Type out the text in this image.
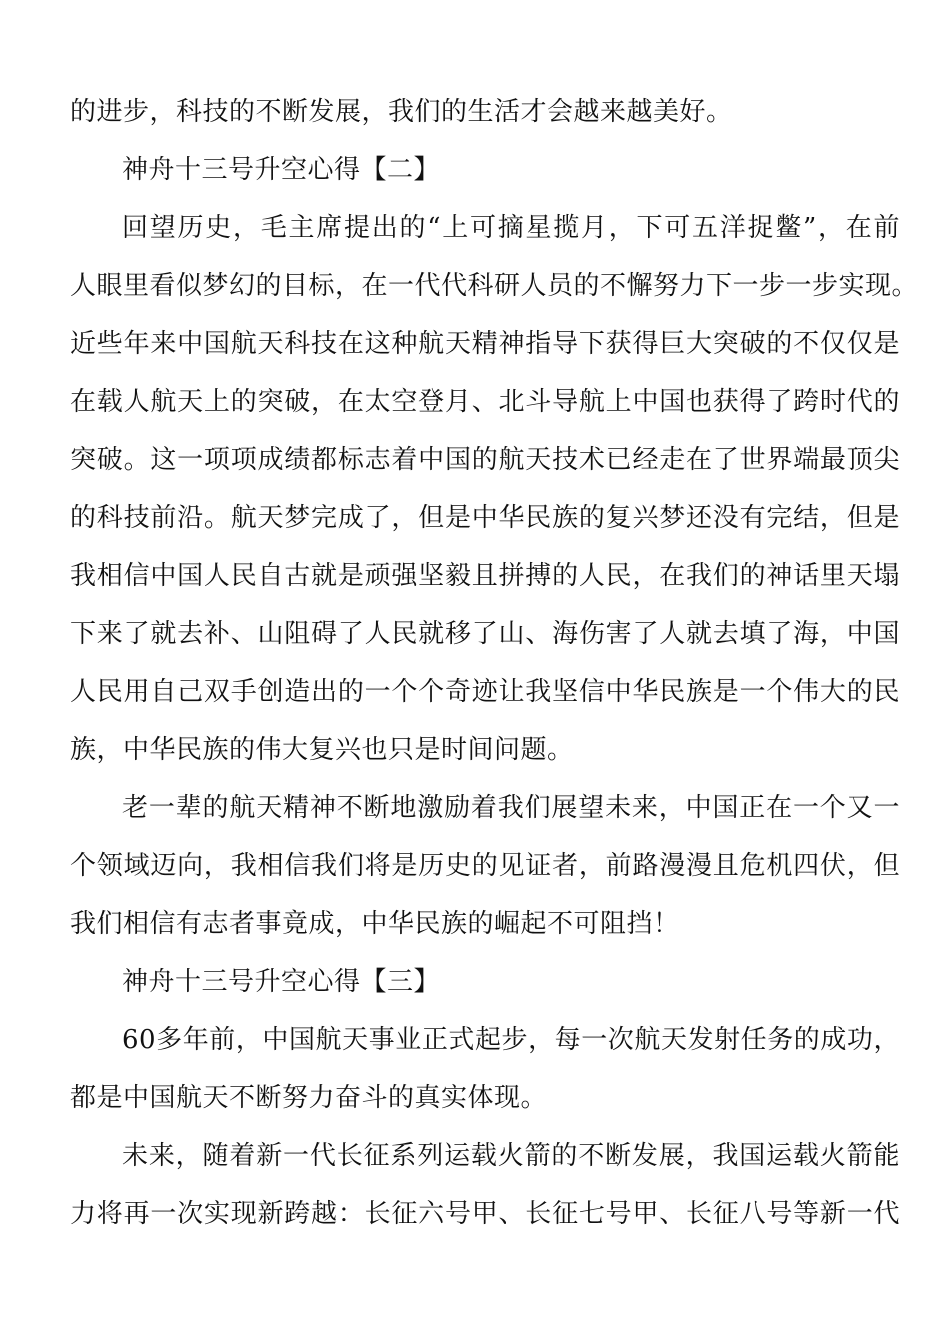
的进步，科技的不断发展，我们的生活才会越来越美好。
神舟十三号升空心得【二】
回望历史，毛主席提出的“上可摘星揽月，下可五洋捉鳖”，在前
人眼里看似梦幻的目标，在一代代科研人员的不懈努力下一步一步实现。
近些年来中国航天科技在这种航天精神指导下获得巨大突破的不仅仅是
在载人航天上的突破，在太空登月、北斗导航上中国也获得了跨时代的
突破。这一项项成绩都标志着中国的航天技术已经走在了世界端最顶尖
的科技前沿。航天梦完成了，但是中华民族的复兴梦还没有完结，但是
我相信中国人民自古就是顽强坚毅且拼搏的人民，在我们的神话里天塌
下来了就去补、山阻碍了人民就移了山、海伤害了人就去填了海，中国
人民用自己双手创造出的一个个奇迹让我坚信中华民族是一个伟大的民
族，中华民族的伟大复兴也只是时间问题。
老一辈的航天精神不断地激励着我们展望未来，中国正在一个又一
个领域迈向，我相信我们将是历史的见证者，前路漫漫且危机四伏，但
我们相信有志者事竟成，中华民族的崛起不可阻挡！
神舟十三号升空心得【三】
60多年前，中国航天事业正式起步，每一次航天发射任务的成功，
都是中国航天不断努力奋斗的真实体现。
未来，随着新一代长征系列运载火箭的不断发展，我国运载火箭能
力将再一次实现新跨越：长征六号甲、长征七号甲、长征八号等新一代
